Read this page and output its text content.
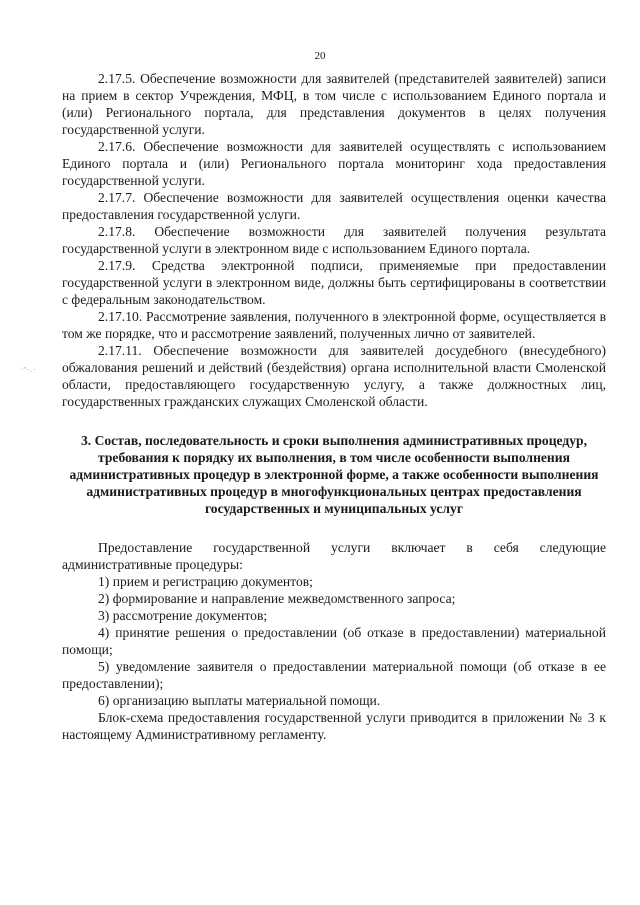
20
·ʺ·.·

2.17.5. Обеспечение возможности для заявителей (представителей заявителей) записи на прием в сектор Учреждения, МФЦ, в том числе с использованием Единого портала и (или) Регионального портала, для представления документов в целях получения государственной услуги.

2.17.6. Обеспечение возможности для заявителей осуществлять с использованием Единого портала и (или) Регионального портала мониторинг хода предоставления государственной услуги.

2.17.7. Обеспечение возможности для заявителей осуществления оценки качества предоставления государственной услуги.

2.17.8. Обеспечение возможности для заявителей получения результата государственной услуги в электронном виде с использованием Единого портала.

2.17.9. Средства электронной подписи, применяемые при предоставлении государственной услуги в электронном виде, должны быть сертифицированы в соответствии с федеральным законодательством.

2.17.10. Рассмотрение заявления, полученного в электронной форме, осуществляется в том же порядке, что и рассмотрение заявлений, полученных лично от заявителей.

2.17.11. Обеспечение возможности для заявителей досудебного (внесудебного) обжалования решений и действий (бездействия) органа исполнительной власти Смоленской области, предоставляющего государственную услугу, а также должностных лиц, государственных гражданских служащих Смоленской области.

3. Состав, последовательность и сроки выполнения административных процедур, требования к порядку их выполнения, в том числе особенности выполнения административных процедур в электронной форме, а также особенности выполнения административных процедур в многофункциональных центрах предоставления государственных и муниципальных услуг

Предоставление государственной услуги включает в себя следующие административные процедуры:

1) прием и регистрацию документов;

2) формирование и направление межведомственного запроса;

3) рассмотрение документов;

4) принятие решения о предоставлении (об отказе в предоставлении) материальной помощи;

5) уведомление заявителя о предоставлении материальной помощи (об отказе в ее предоставлении);

6) организацию выплаты материальной помощи.

Блок-схема предоставления государственной услуги приводится в приложении № 3 к настоящему Административному регламенту.
